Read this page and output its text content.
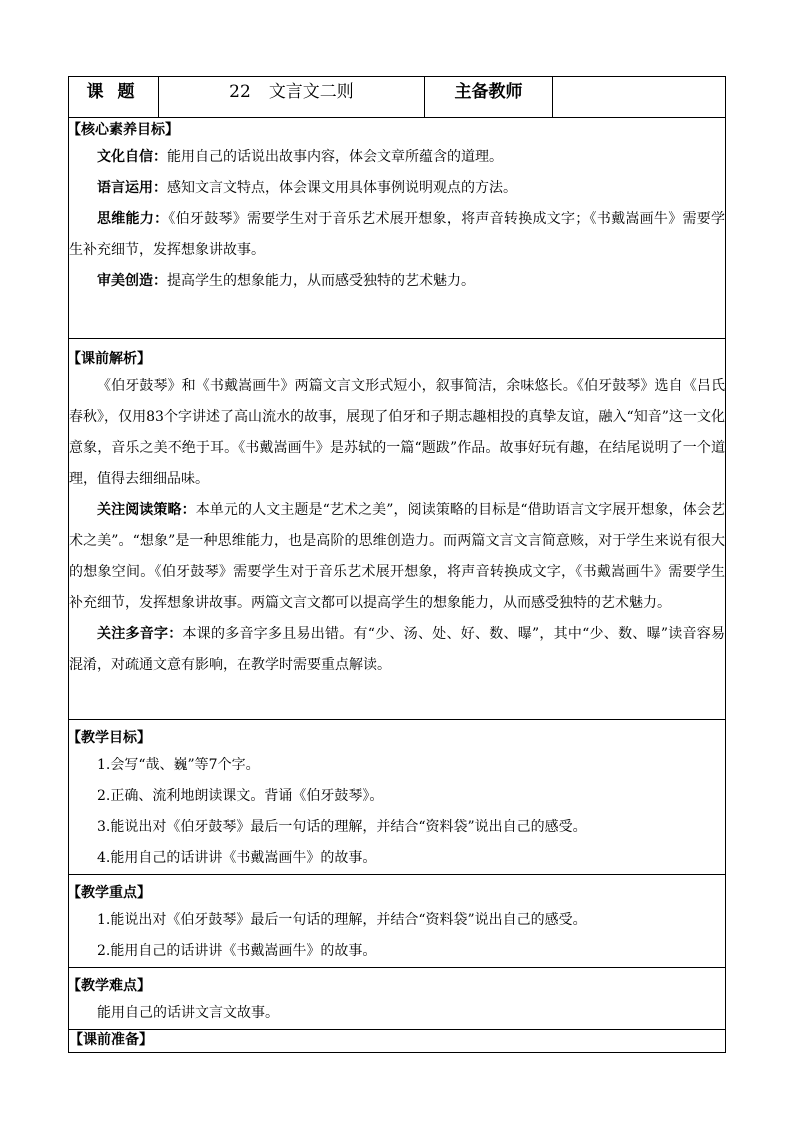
课题	22 文言文二则	主备教师	

【核心素养目标】

文化自信：能用自己的话说出故事内容，体会文章所蕴含的道理。

语言运用：感知文言文特点，体会课文用具体事例说明观点的方法。

思维能力：《伯牙鼓琴》需要学生对于音乐艺术展开想象，将声音转换成文字；《书戴嵩画牛》需要学生补充细节，发挥想象讲故事。

审美创造：提高学生的想象能力，从而感受独特的艺术魅力。

【课前解析】

《伯牙鼓琴》和《书戴嵩画牛》两篇文言文形式短小，叙事简洁，余味悠长。《伯牙鼓琴》选自《吕氏春秋》，仅用83个字讲述了高山流水的故事，展现了伯牙和子期志趣相投的真挚友谊，融入“知音”这一文化意象，音乐之美不绝于耳。《书戴嵩画牛》是苏轼的一篇“题跋”作品。故事好玩有趣，在结尾说明了一个道理，值得去细细品味。

关注阅读策略：本单元的人文主题是“艺术之美”，阅读策略的目标是“借助语言文字展开想象，体会艺术之美”。“想象”是一种思维能力，也是高阶的思维创造力。而两篇文言文言简意赅，对于学生来说有很大的想象空间。《伯牙鼓琴》需要学生对于音乐艺术展开想象，将声音转换成文字，《书戴嵩画牛》需要学生补充细节，发挥想象讲故事。两篇文言文都可以提高学生的想象能力，从而感受独特的艺术魅力。

关注多音字：本课的多音字多且易出错。有“少、汤、处、好、数、曝”，其中“少、数、曝”读音容易混淆，对疏通文意有影响，在教学时需要重点解读。

【教学目标】

1.会写“哉、巍”等7个字。

2.正确、流利地朗读课文。背诵《伯牙鼓琴》。

3.能说出对《伯牙鼓琴》最后一句话的理解，并结合“资料袋”说出自己的感受。

4.能用自己的话讲讲《书戴嵩画牛》的故事。

【教学重点】

1.能说出对《伯牙鼓琴》最后一句话的理解，并结合“资料袋”说出自己的感受。

2.能用自己的话讲讲《书戴嵩画牛》的故事。

【教学难点】

能用自己的话讲文言文故事。

【课前准备】
